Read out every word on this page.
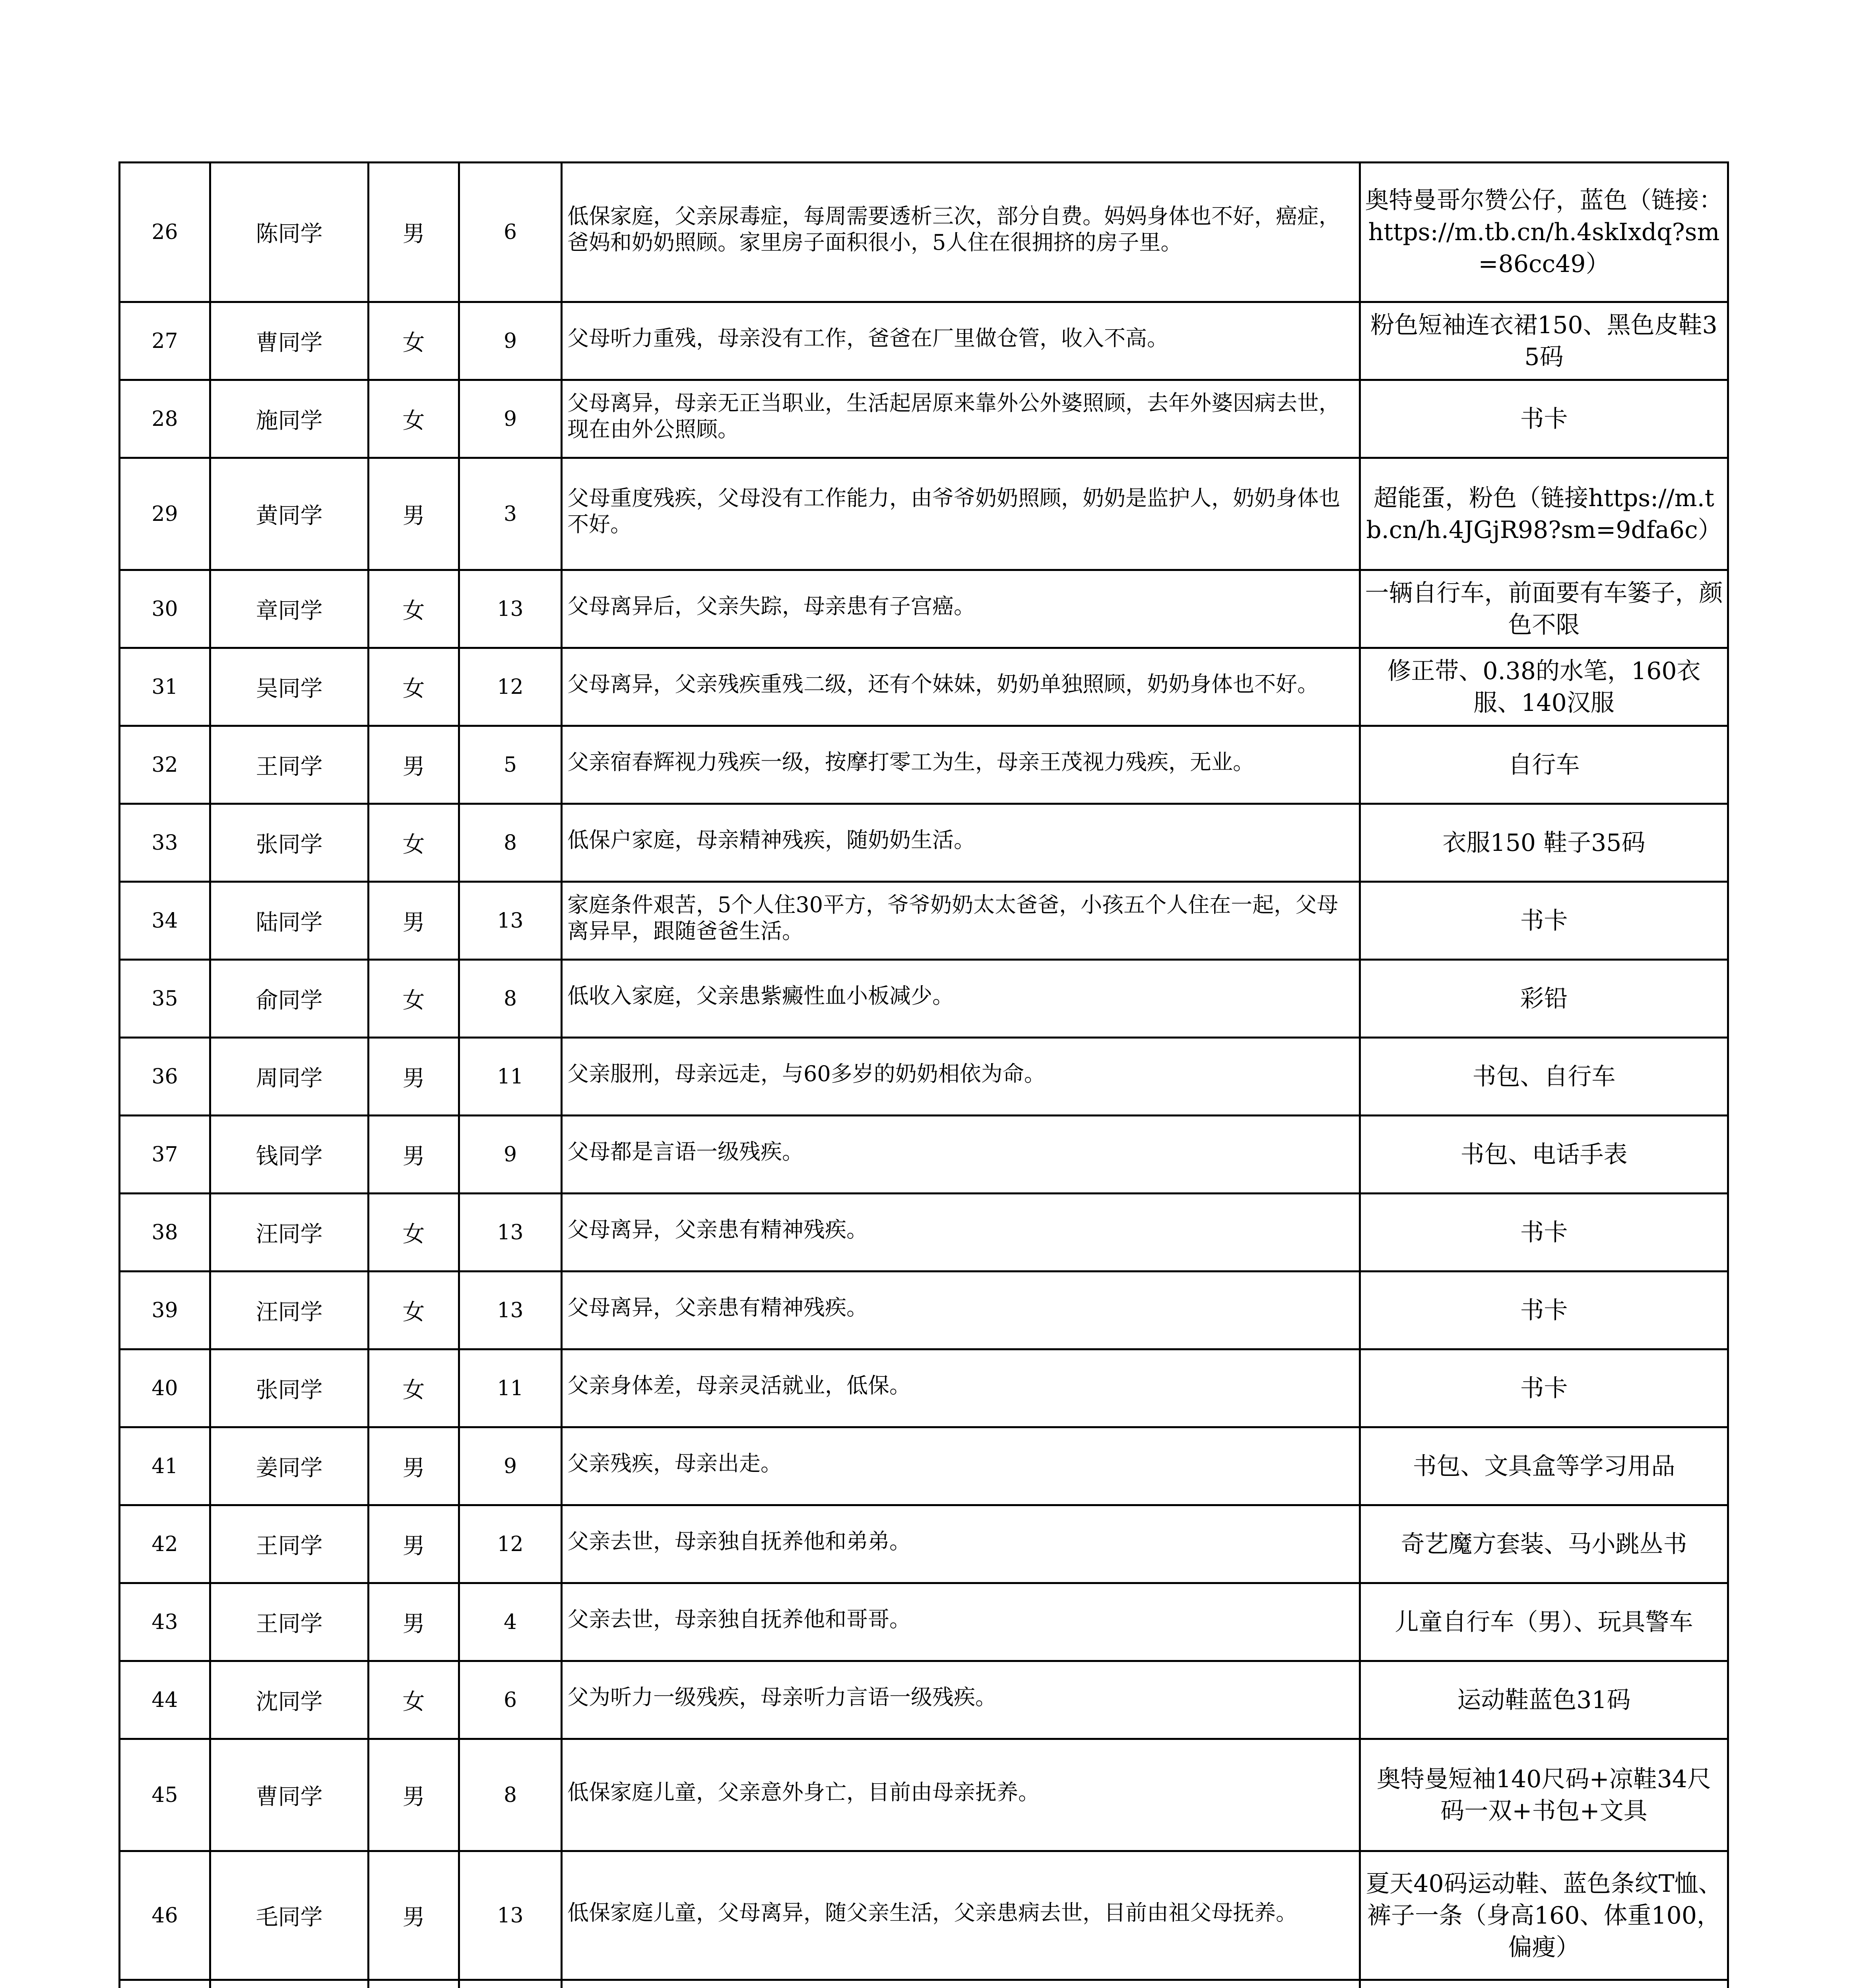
26	陈同学	男	6	低保家庭，父亲尿毒症，每周需要透析三次，部分自费。妈妈身体也不好，癌症，爸妈和奶奶照顾。家里房子面积很小，5人住在很拥挤的房子里。	奥特曼哥尔赞公仔，蓝色（链接：https://m.tb.cn/h.4skIxdq?sm=86cc49）
27	曹同学	女	9	父母听力重残，母亲没有工作，爸爸在厂里做仓管，收入不高。	粉色短袖连衣裙150、黑色皮鞋35码
28	施同学	女	9	父母离异，母亲无正当职业，生活起居原来靠外公外婆照顾，去年外婆因病去世，现在由外公照顾。	书卡
29	黄同学	男	3	父母重度残疾，父母没有工作能力，由爷爷奶奶照顾，奶奶是监护人，奶奶身体也不好。	超能蛋，粉色（链接https://m.tb.cn/h.4JGjR98?sm=9dfa6c）
30	章同学	女	13	父母离异后，父亲失踪，母亲患有子宫癌。	一辆自行车，前面要有车篓子，颜色不限
31	吴同学	女	12	父母离异，父亲残疾重残二级，还有个妹妹，奶奶单独照顾，奶奶身体也不好。	修正带、0.38的水笔，160衣服、140汉服
32	王同学	男	5	父亲宿春辉视力残疾一级，按摩打零工为生，母亲王茂视力残疾，无业。	自行车
33	张同学	女	8	低保户家庭，母亲精神残疾，随奶奶生活。	衣服150 鞋子35码
34	陆同学	男	13	家庭条件艰苦，5个人住30平方，爷爷奶奶太太爸爸，小孩五个人住在一起，父母离异早，跟随爸爸生活。	书卡
35	俞同学	女	8	低收入家庭，父亲患紫癜性血小板减少。	彩铅
36	周同学	男	11	父亲服刑，母亲远走，与60多岁的奶奶相依为命。	书包、自行车
37	钱同学	男	9	父母都是言语一级残疾。	书包、电话手表
38	汪同学	女	13	父母离异，父亲患有精神残疾。	书卡
39	汪同学	女	13	父母离异，父亲患有精神残疾。	书卡
40	张同学	女	11	父亲身体差，母亲灵活就业，低保。	书卡
41	姜同学	男	9	父亲残疾，母亲出走。	书包、文具盒等学习用品
42	王同学	男	12	父亲去世，母亲独自抚养他和弟弟。	奇艺魔方套装、马小跳丛书
43	王同学	男	4	父亲去世，母亲独自抚养他和哥哥。	儿童自行车（男）、玩具警车
44	沈同学	女	6	父为听力一级残疾，母亲听力言语一级残疾。	运动鞋蓝色31码
45	曹同学	男	8	低保家庭儿童，父亲意外身亡，目前由母亲抚养。	奥特曼短袖140尺码+凉鞋34尺码一双+书包+文具
46	毛同学	男	13	低保家庭儿童，父母离异，随父亲生活，父亲患病去世，目前由祖父母抚养。	夏天40码运动鞋、蓝色条纹T恤、裤子一条（身高160、体重100，偏瘦）
